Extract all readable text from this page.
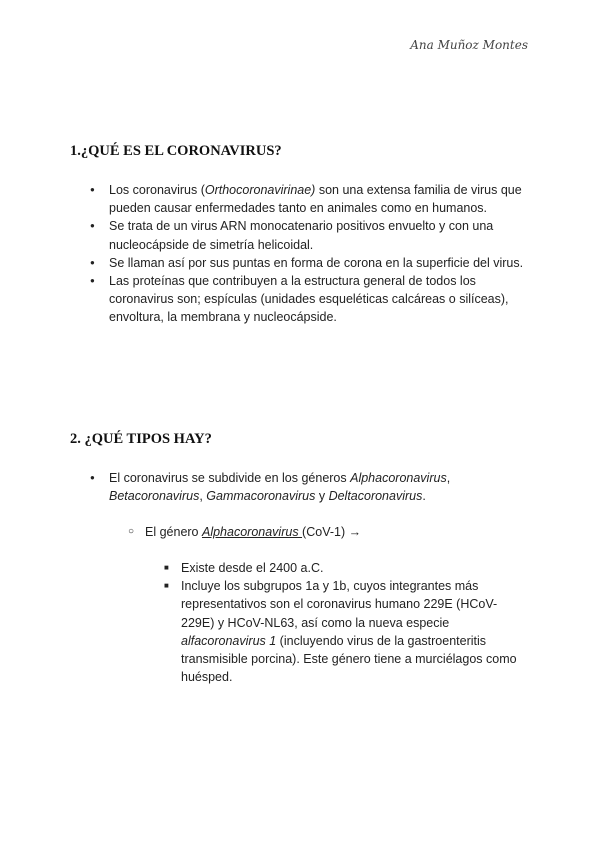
Ana Muñoz Montes
1.¿QUÉ ES EL CORONAVIRUS?
● Los coronavirus (Orthocoronavirinae) son una extensa familia de virus que pueden causar enfermedades tanto en animales como en humanos.
● Se trata de un virus ARN monocatenario positivos envuelto y con una nucleocápside de simetría helicoidal.
● Se llaman así por sus puntas en forma de corona en la superficie del virus.
● Las proteínas que contribuyen a la estructura general de todos los coronavirus son; espículas (unidades esqueléticas calcáreas o silíceas), envoltura, la membrana y nucleocápside.
2. ¿QUÉ TIPOS HAY?
● El coronavirus se subdivide en los géneros Alphacoronavirus, Betacoronavirus, Gammacoronavirus y Deltacoronavirus.
○ El género Alphacoronavirus (CoV-1) →
■ Existe desde el 2400 a.C.
■ Incluye los subgrupos 1a y 1b, cuyos integrantes más representativos son el coronavirus humano 229E (HCoV-229E) y HCoV-NL63, así como la nueva especie alfacoronavirus 1 (incluyendo virus de la gastroenteritis transmisible porcina). Este género tiene a murciélagos como huésped.
